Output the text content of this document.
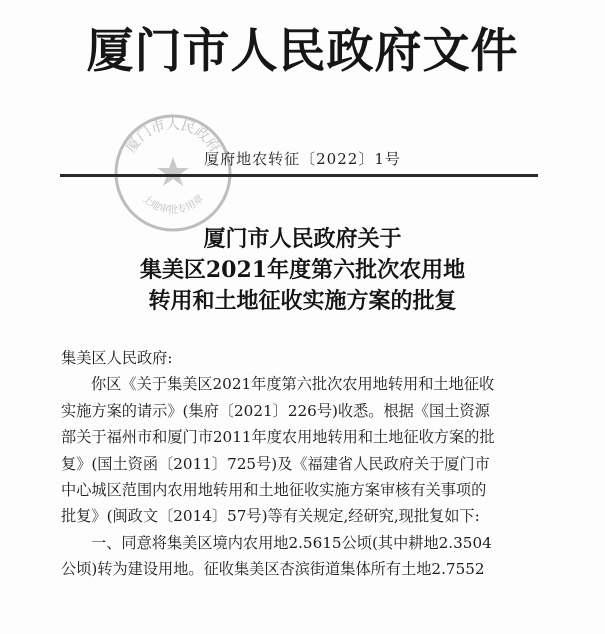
厦门市人民政府文件
厦门市人民政府
土地审批专用章
厦府地农转征〔2022〕1号
厦门市人民政府关于
集美区2021年度第六批次农用地
转用和土地征收实施方案的批复
集美区人民政府:
你区《关于集美区2021年度第六批次农用地转用和土地征收
实施方案的请示》(集府〔2021〕226号)收悉。根据《国土资源
部关于福州市和厦门市2011年度农用地转用和土地征收方案的批
复》(国土资函〔2011〕725号)及《福建省人民政府关于厦门市
中心城区范围内农用地转用和土地征收实施方案审核有关事项的
批复》(闽政文〔2014〕57号)等有关规定,经研究,现批复如下:
一、同意将集美区境内农用地2.5615公顷(其中耕地2.3504
公顷)转为建设用地。征收集美区杏滨街道集体所有土地2.7552
